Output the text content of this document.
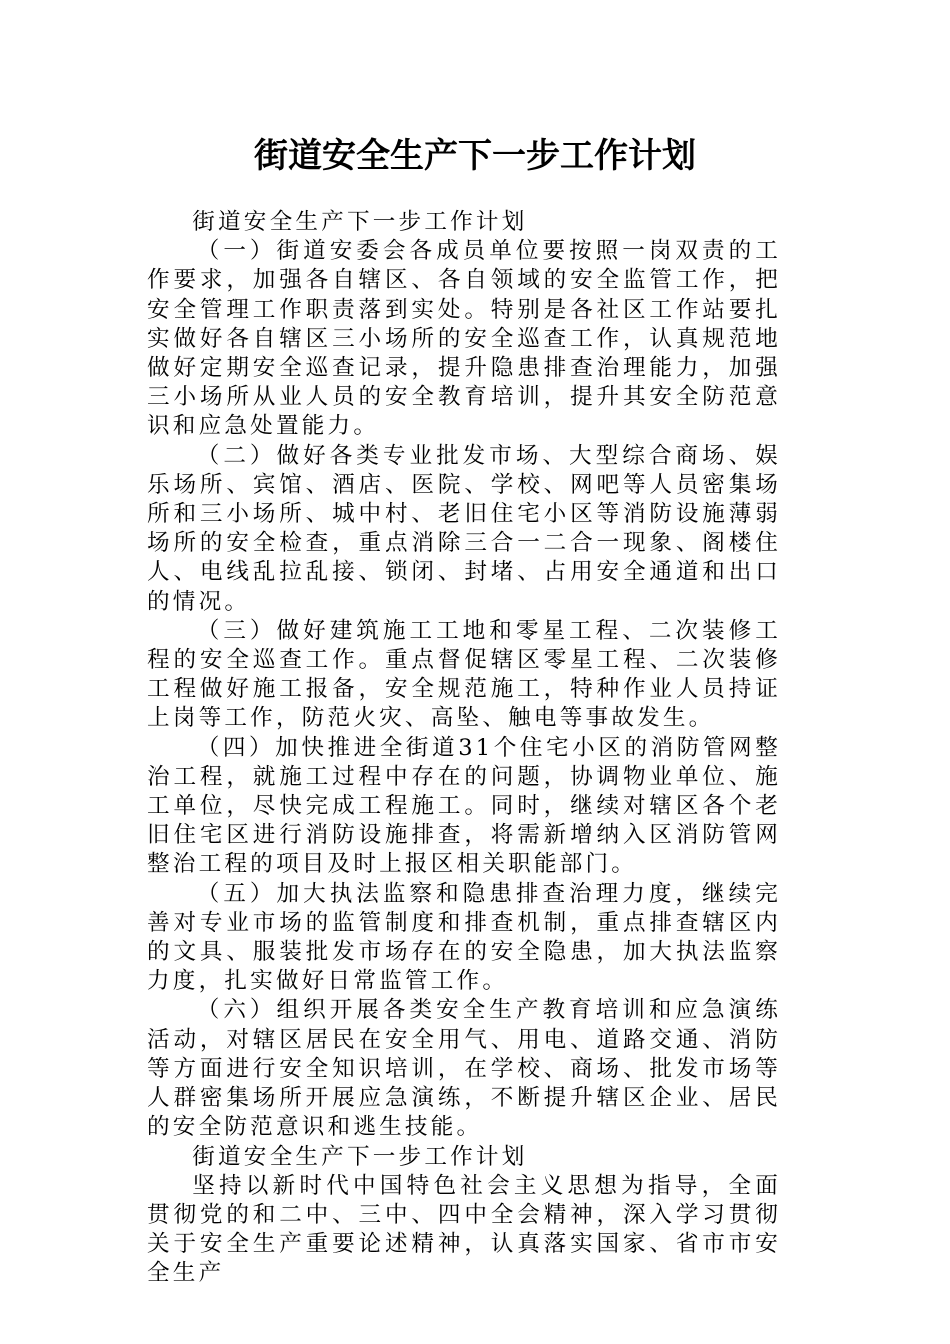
街道安全生产下一步工作计划

街道安全生产下一步工作计划

（一）街道安委会各成员单位要按照一岗双责的工作要求，加强各自辖区、各自领域的安全监管工作，把安全管理工作职责落到实处。特别是各社区工作站要扎实做好各自辖区三小场所的安全巡查工作，认真规范地做好定期安全巡查记录，提升隐患排查治理能力，加强三小场所从业人员的安全教育培训，提升其安全防范意识和应急处置能力。

（二）做好各类专业批发市场、大型综合商场、娱乐场所、宾馆、酒店、医院、学校、网吧等人员密集场所和三小场所、城中村、老旧住宅小区等消防设施薄弱场所的安全检查，重点消除三合一二合一现象、阁楼住人、电线乱拉乱接、锁闭、封堵、占用安全通道和出口的情况。

（三）做好建筑施工工地和零星工程、二次装修工程的安全巡查工作。重点督促辖区零星工程、二次装修工程做好施工报备，安全规范施工，特种作业人员持证上岗等工作，防范火灾、高坠、触电等事故发生。

（四）加快推进全街道31个住宅小区的消防管网整治工程，就施工过程中存在的问题，协调物业单位、施工单位，尽快完成工程施工。同时，继续对辖区各个老旧住宅区进行消防设施排查，将需新增纳入区消防管网整治工程的项目及时上报区相关职能部门。

（五）加大执法监察和隐患排查治理力度，继续完善对专业市场的监管制度和排查机制，重点排查辖区内的文具、服装批发市场存在的安全隐患，加大执法监察力度，扎实做好日常监管工作。

（六）组织开展各类安全生产教育培训和应急演练活动，对辖区居民在安全用气、用电、道路交通、消防等方面进行安全知识培训，在学校、商场、批发市场等人群密集场所开展应急演练，不断提升辖区企业、居民的安全防范意识和逃生技能。

街道安全生产下一步工作计划

坚持以新时代中国特色社会主义思想为指导，全面贯彻党的和二中、三中、四中全会精神，深入学习贯彻关于安全生产重要论述精神，认真落实国家、省市市安全生产
